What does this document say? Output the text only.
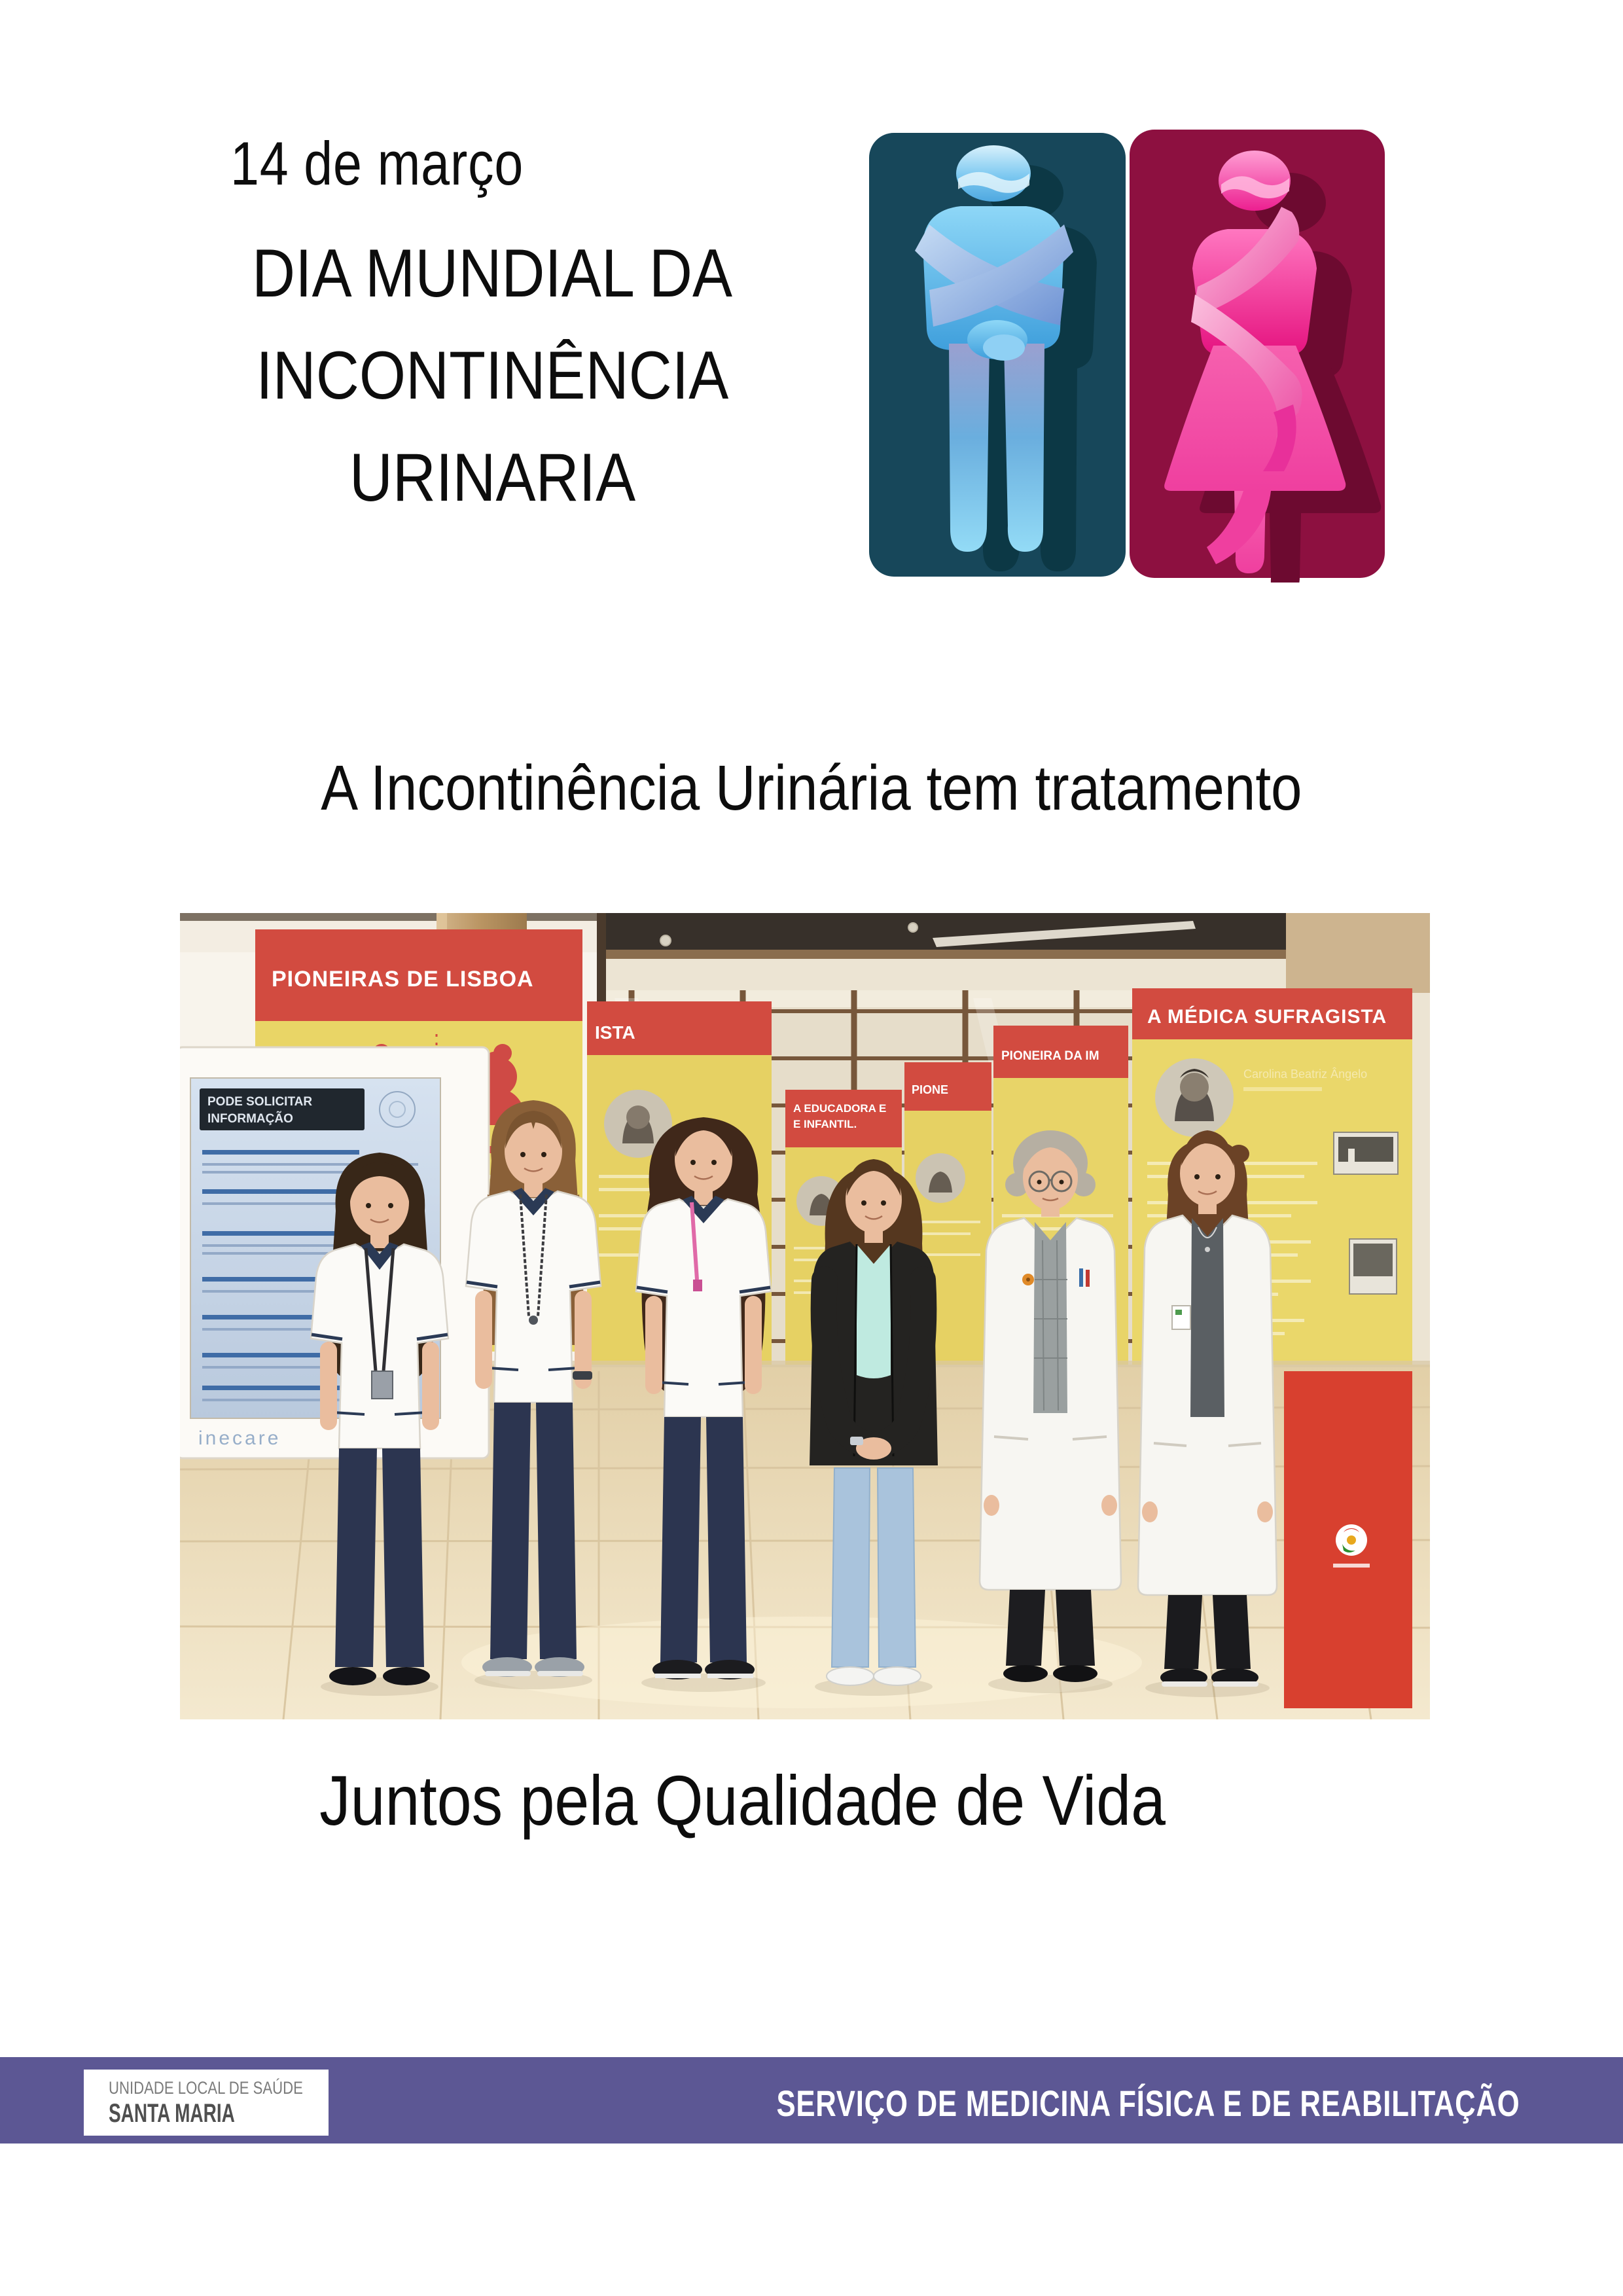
14 de março
DIA MUNDIAL DA
INCONTINÊNCIA
URINARIA
A Incontinência Urinária tem tratamento
PIONEIRAS DE LISBOA
ISTA
A EDUCADORA E
E INFANTIL.
PIONE
PIONEIRA DA IM
A MÉDICA SUFRAGISTA
Carolina Beatriz Ângelo
PODE SOLICITAR
INFORMAÇÃO
inecare
Juntos pela Qualidade de Vida
UNIDADE LOCAL DE SAÚDE
SANTA MARIA	SERVIÇO DE MEDICINA FÍSICA E DE REABILITAÇÃO
